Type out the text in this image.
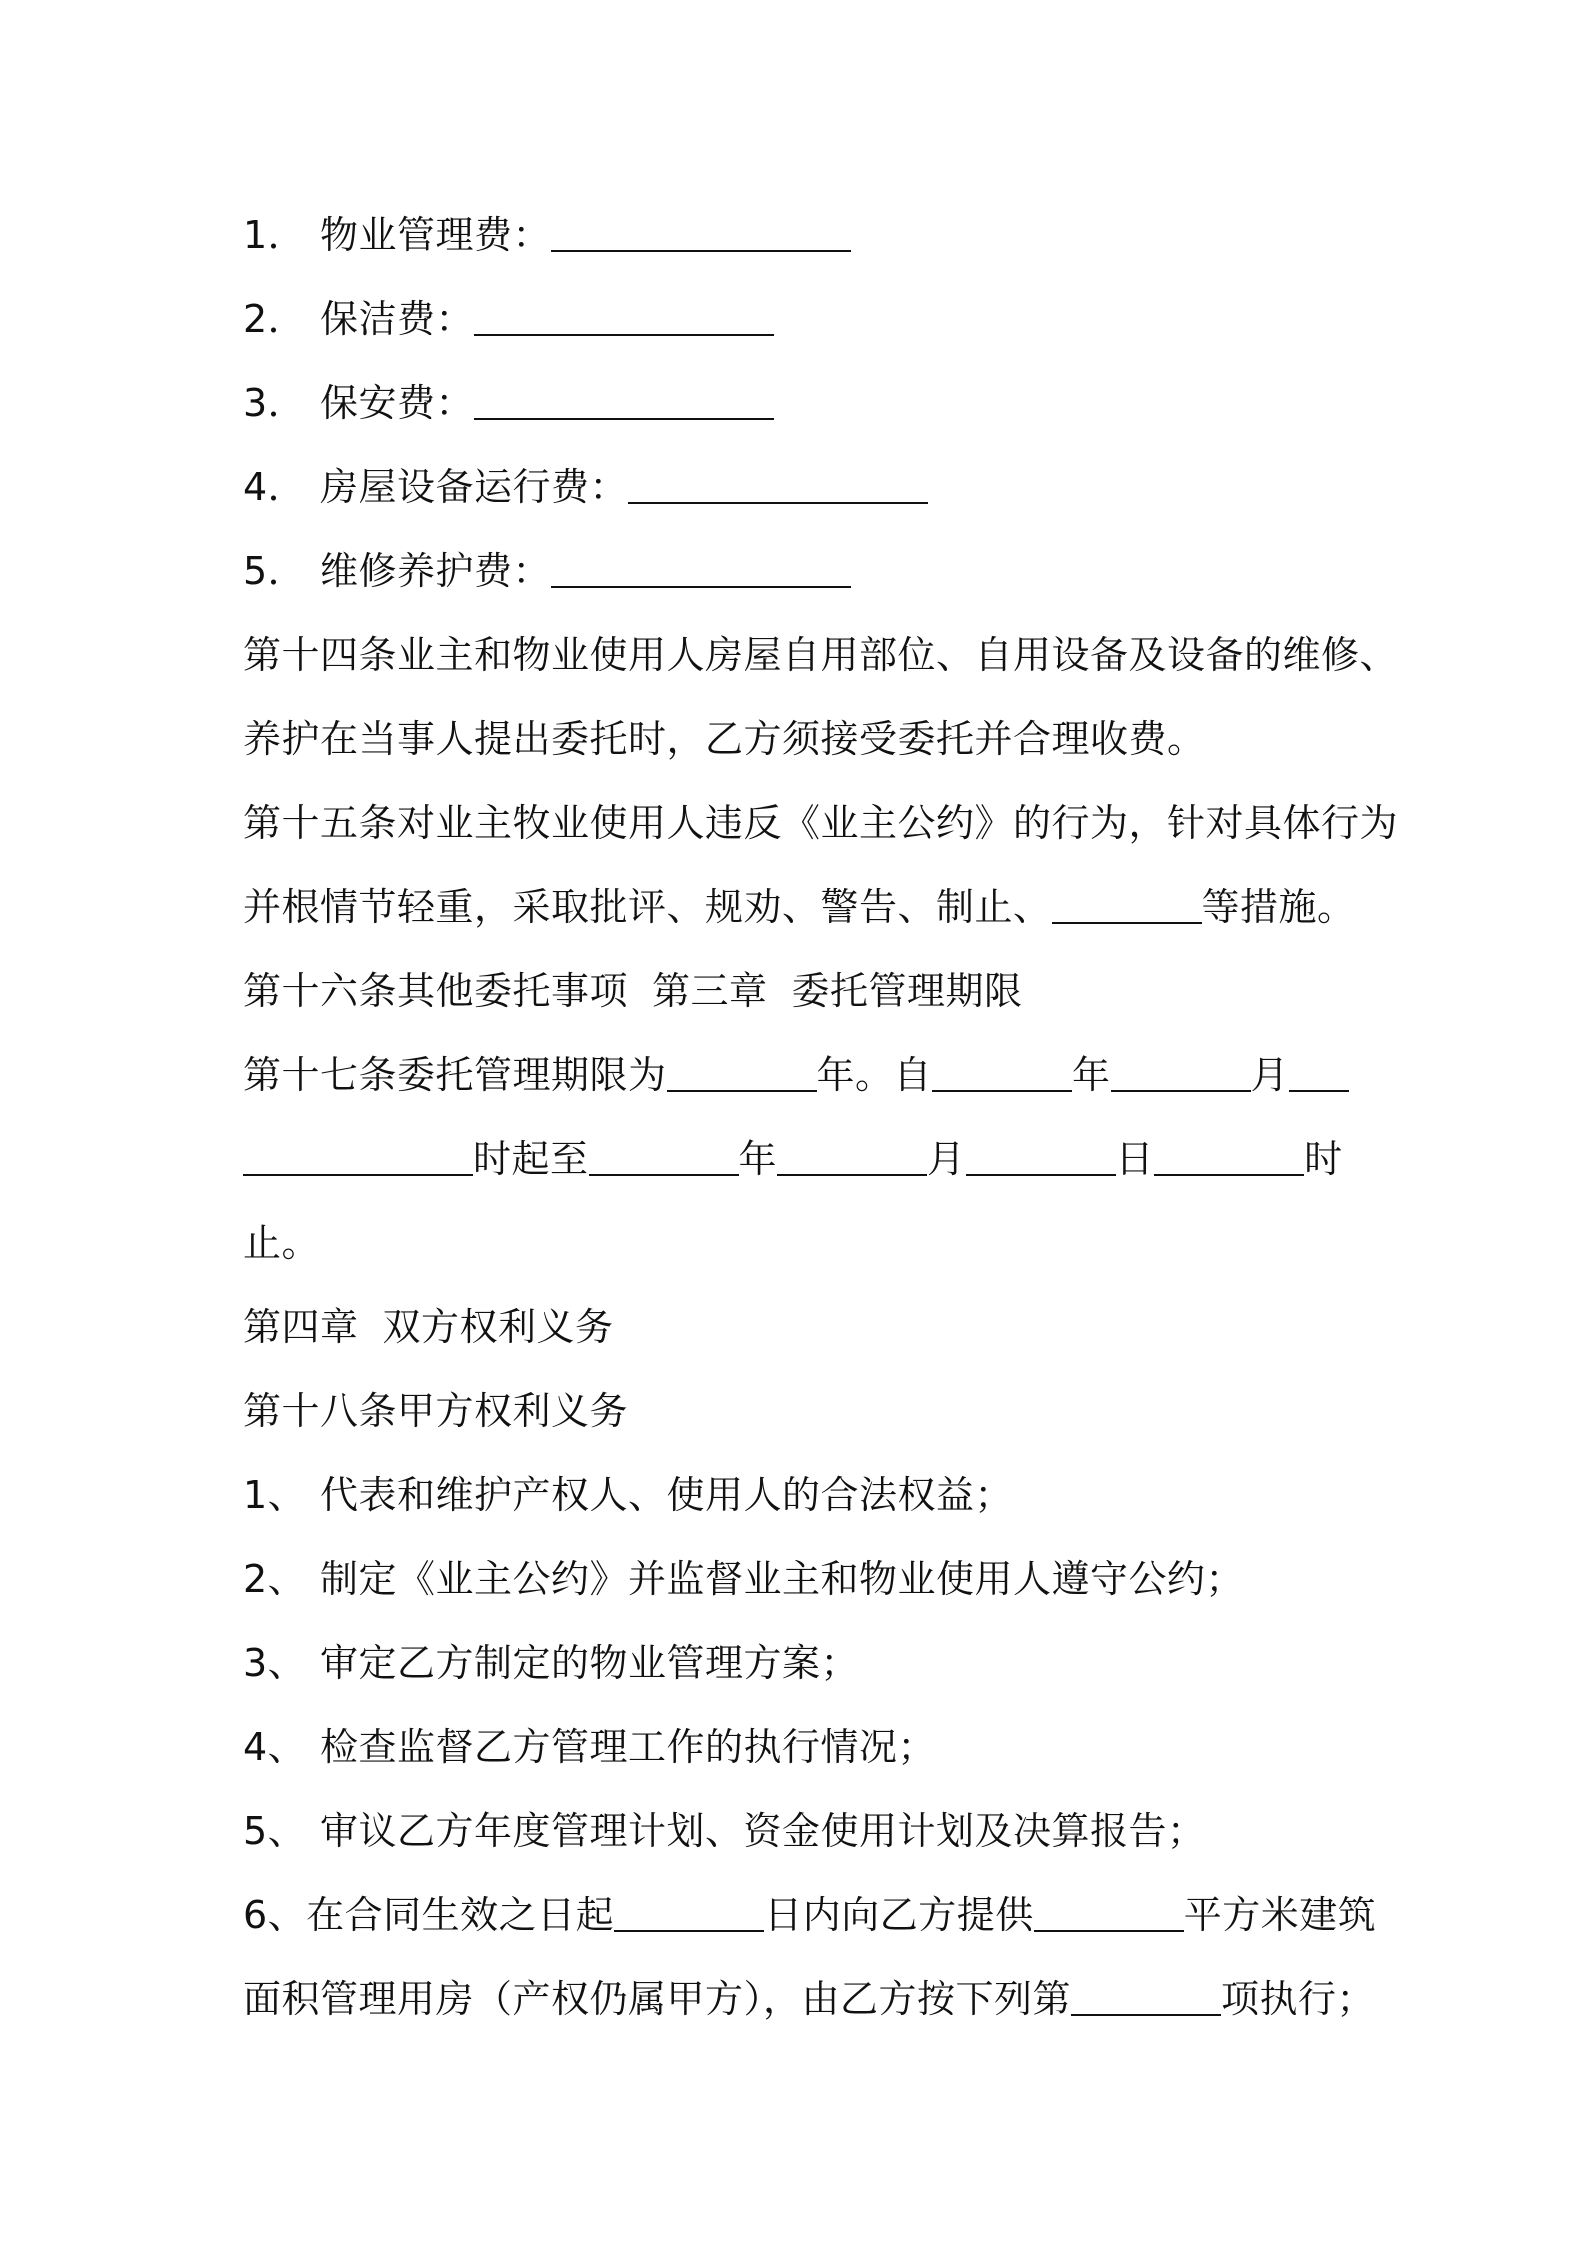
1． 物业管理费：
2． 保洁费：
3． 保安费：
4． 房屋设备运行费：
5． 维修养护费：
第十四条业主和物业使用人房屋自用部位、自用设备及设备的维修、
养护在当事人提出委托时，乙方须接受委托并合理收费。
第十五条对业主牧业使用人违反《业主公约》的行为，针对具体行为
并根情节轻重，采取批评、规劝、警告、制止、	等措施。
第十六条其他委托事项 第三章 委托管理期限
第十七条委托管理期限为	年。自	年	月
时起至	年	月	日	时
止。
第四章 双方权利义务
第十八条甲方权利义务
1、 代表和维护产权人、使用人的合法权益；
2、 制定《业主公约》并监督业主和物业使用人遵守公约；
3、 审定乙方制定的物业管理方案；
4、 检查监督乙方管理工作的执行情况；
5、 审议乙方年度管理计划、资金使用计划及决算报告；
6、在合同生效之日起	日内向乙方提供	平方米建筑
面积管理用房（产权仍属甲方），由乙方按下列第	项执行；
